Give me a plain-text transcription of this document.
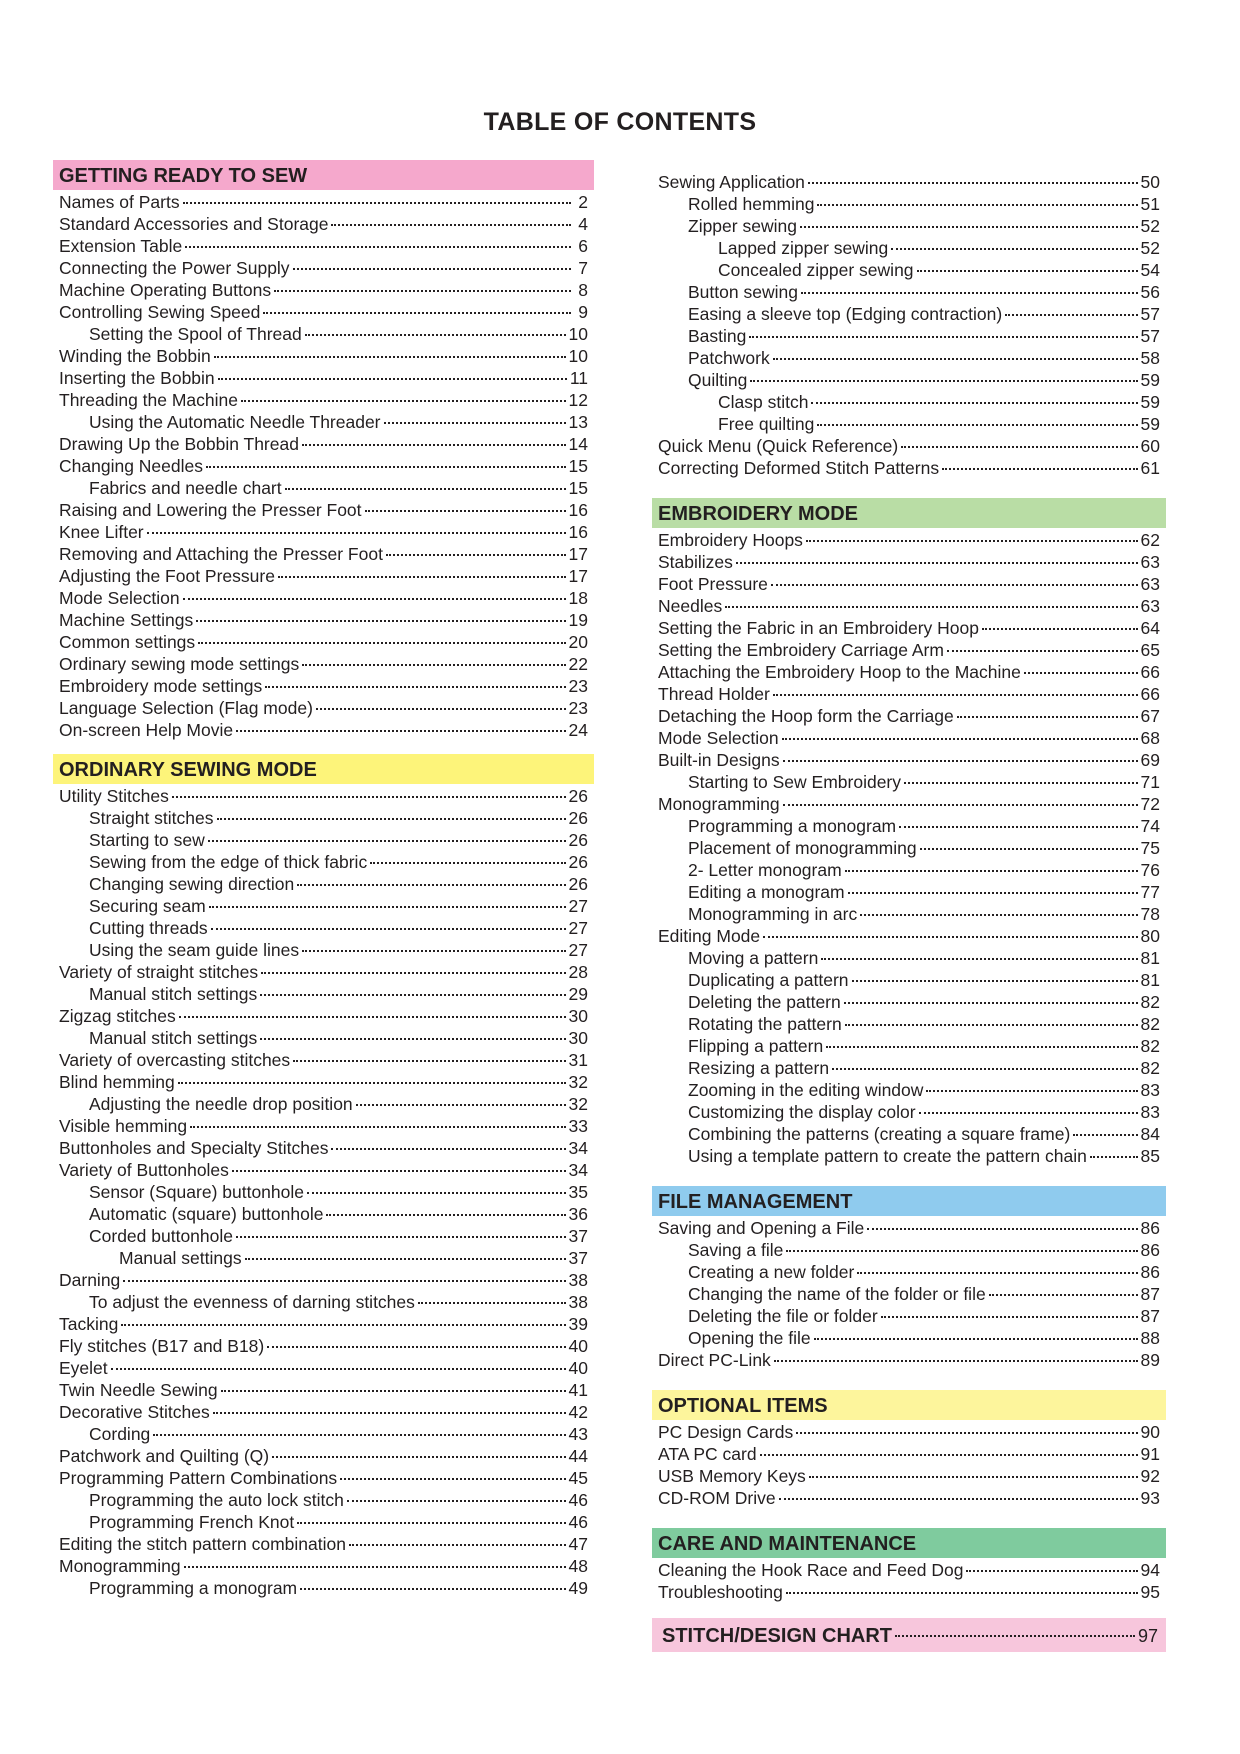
TABLE OF CONTENTS
GETTING READY TO SEW
Names of Parts	2
Standard Accessories and Storage	4
Extension Table	6
Connecting the Power Supply	7
Machine Operating Buttons	8
Controlling Sewing Speed	9
Setting the Spool of Thread	10
Winding the Bobbin	10
Inserting the Bobbin	11
Threading the Machine	12
Using the Automatic Needle Threader	13
Drawing Up the Bobbin Thread	14
Changing Needles	15
Fabrics and needle chart	15
Raising and Lowering the Presser Foot	16
Knee Lifter	16
Removing and Attaching the Presser Foot	17
Adjusting the Foot Pressure	17
Mode Selection	18
Machine Settings	19
Common settings	20
Ordinary sewing mode settings	22
Embroidery mode settings	23
Language Selection (Flag mode)	23
On-screen Help Movie	24
ORDINARY SEWING MODE
Utility Stitches	26
Straight stitches	26
Starting to sew	26
Sewing from the edge of thick fabric	26
Changing sewing direction	26
Securing seam	27
Cutting threads	27
Using the seam guide lines	27
Variety of straight stitches	28
Manual stitch settings	29
Zigzag stitches	30
Manual stitch settings	30
Variety of overcasting stitches	31
Blind hemming	32
Adjusting the needle drop position	32
Visible hemming	33
Buttonholes and Specialty Stitches	34
Variety of Buttonholes	34
Sensor (Square) buttonhole	35
Automatic (square) buttonhole	36
Corded buttonhole	37
Manual settings	37
Darning	38
To adjust the evenness of darning stitches	38
Tacking	39
Fly stitches (B17 and B18)	40
Eyelet	40
Twin Needle Sewing	41
Decorative Stitches	42
Cording	43
Patchwork and Quilting (Q)	44
Programming Pattern Combinations	45
Programming the auto lock stitch	46
Programming French Knot	46
Editing the stitch pattern combination	47
Monogramming	48
Programming a monogram	49
Sewing Application	50
Rolled hemming	51
Zipper sewing	52
Lapped zipper sewing	52
Concealed zipper sewing	54
Button sewing	56
Easing a sleeve top (Edging contraction)	57
Basting	57
Patchwork	58
Quilting	59
Clasp stitch	59
Free quilting	59
Quick Menu (Quick Reference)	60
Correcting Deformed Stitch Patterns	61
EMBROIDERY MODE
Embroidery Hoops	62
Stabilizes	63
Foot Pressure	63
Needles	63
Setting the Fabric in an Embroidery Hoop	64
Setting the Embroidery Carriage Arm	65
Attaching the Embroidery Hoop to the Machine	66
Thread Holder	66
Detaching the Hoop form the Carriage	67
Mode Selection	68
Built-in Designs	69
Starting to Sew Embroidery	71
Monogramming	72
Programming a monogram	74
Placement of monogramming	75
2- Letter monogram	76
Editing a monogram	77
Monogramming in arc	78
Editing Mode	80
Moving a pattern	81
Duplicating a pattern	81
Deleting the pattern	82
Rotating the pattern	82
Flipping a pattern	82
Resizing a pattern	82
Zooming in the editing window	83
Customizing the display color	83
Combining the patterns (creating a square frame)	84
Using a template pattern to create the pattern chain	85
FILE MANAGEMENT
Saving and Opening a File	86
Saving a file	86
Creating a new folder	86
Changing the name of the folder or file	87
Deleting the file or folder	87
Opening the file	88
Direct PC-Link	89
OPTIONAL ITEMS
PC Design Cards	90
ATA PC card	91
USB Memory Keys	92
CD-ROM Drive	93
CARE AND MAINTENANCE
Cleaning the Hook Race and Feed Dog	94
Troubleshooting	95
STITCH/DESIGN CHART	97
